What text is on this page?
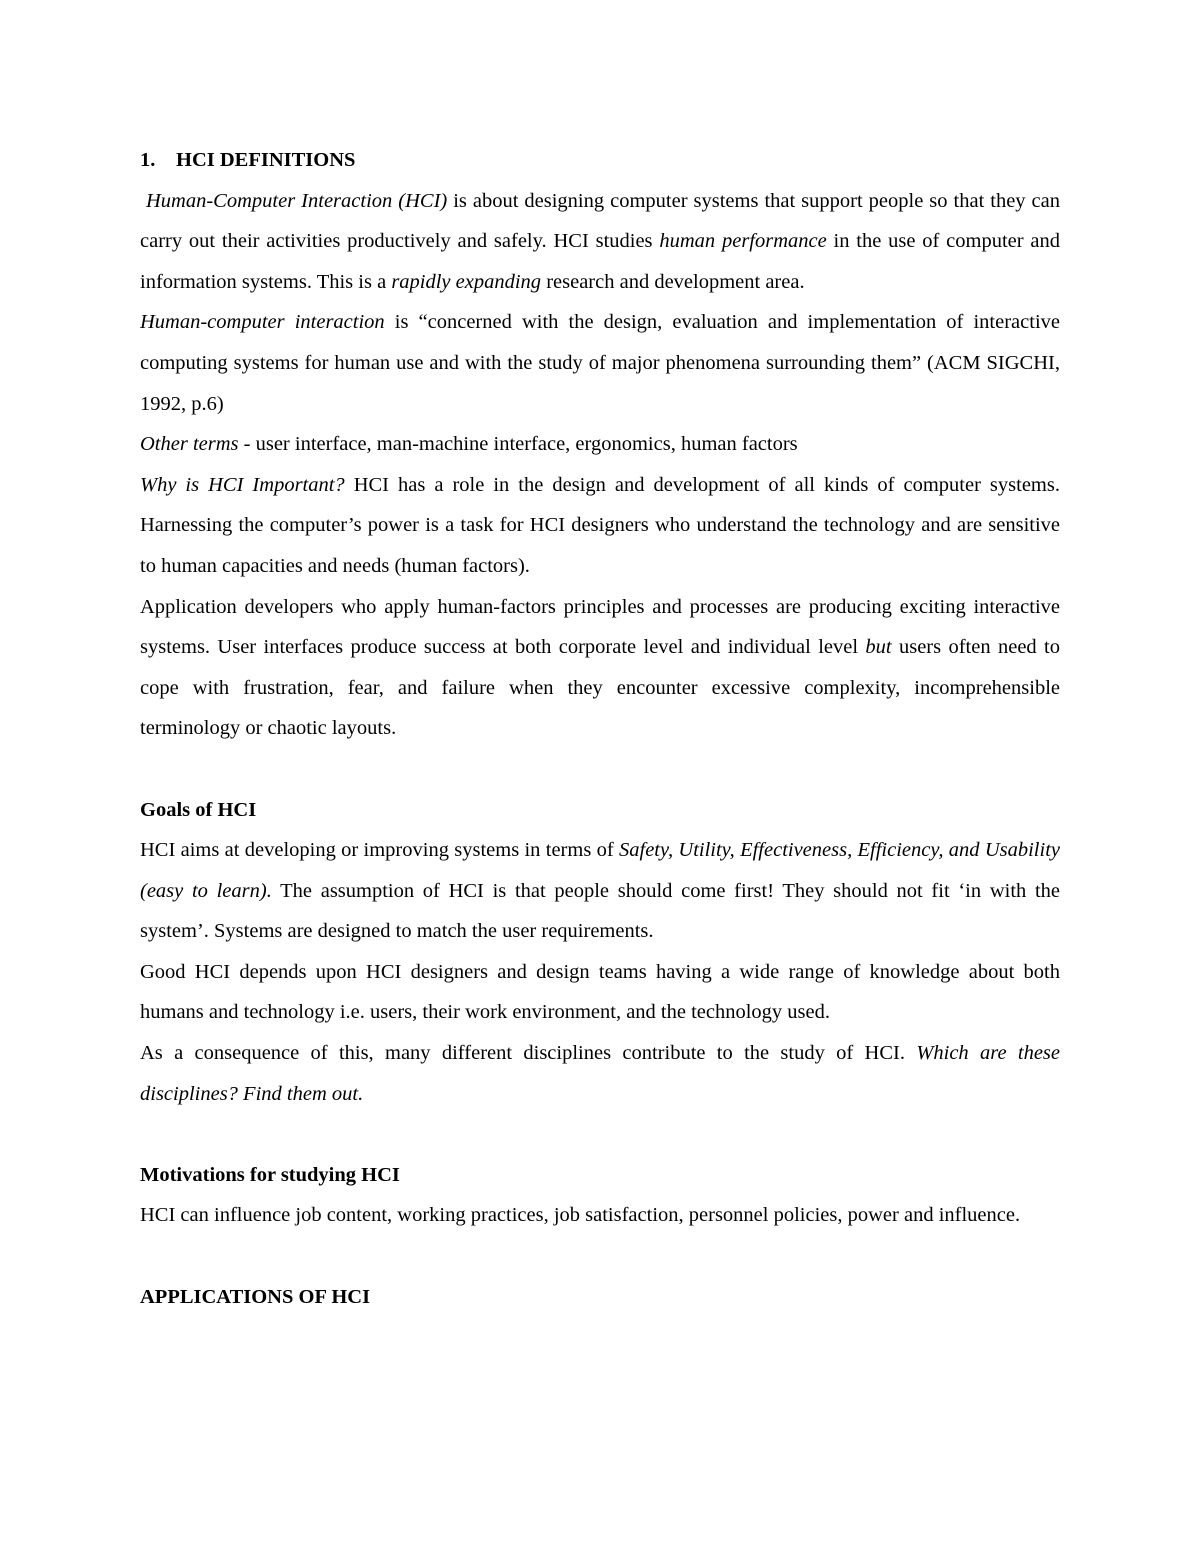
1. HCI DEFINITIONS

Human-Computer Interaction (HCI) is about designing computer systems that support people so that they can carry out their activities productively and safely. HCI studies human performance in the use of computer and information systems. This is a rapidly expanding research and development area.

Human-computer interaction is “concerned with the design, evaluation and implementation of interactive computing systems for human use and with the study of major phenomena surrounding them” (ACM SIGCHI, 1992, p.6)

Other terms - user interface, man-machine interface, ergonomics, human factors

Why is HCI Important? HCI has a role in the design and development of all kinds of computer systems. Harnessing the computer’s power is a task for HCI designers who understand the technology and are sensitive to human capacities and needs (human factors).

Application developers who apply human-factors principles and processes are producing exciting interactive systems. User interfaces produce success at both corporate level and individual level but users often need to cope with frustration, fear, and failure when they encounter excessive complexity, incomprehensible terminology or chaotic layouts.

Goals of HCI

HCI aims at developing or improving systems in terms of Safety, Utility, Effectiveness, Efficiency, and Usability (easy to learn). The assumption of HCI is that people should come first! They should not fit ‘in with the system’. Systems are designed to match the user requirements.

Good HCI depends upon HCI designers and design teams having a wide range of knowledge about both humans and technology i.e. users, their work environment, and the technology used.

As a consequence of this, many different disciplines contribute to the study of HCI. Which are these disciplines? Find them out.

Motivations for studying HCI

HCI can influence job content, working practices, job satisfaction, personnel policies, power and influence.

APPLICATIONS OF HCI
